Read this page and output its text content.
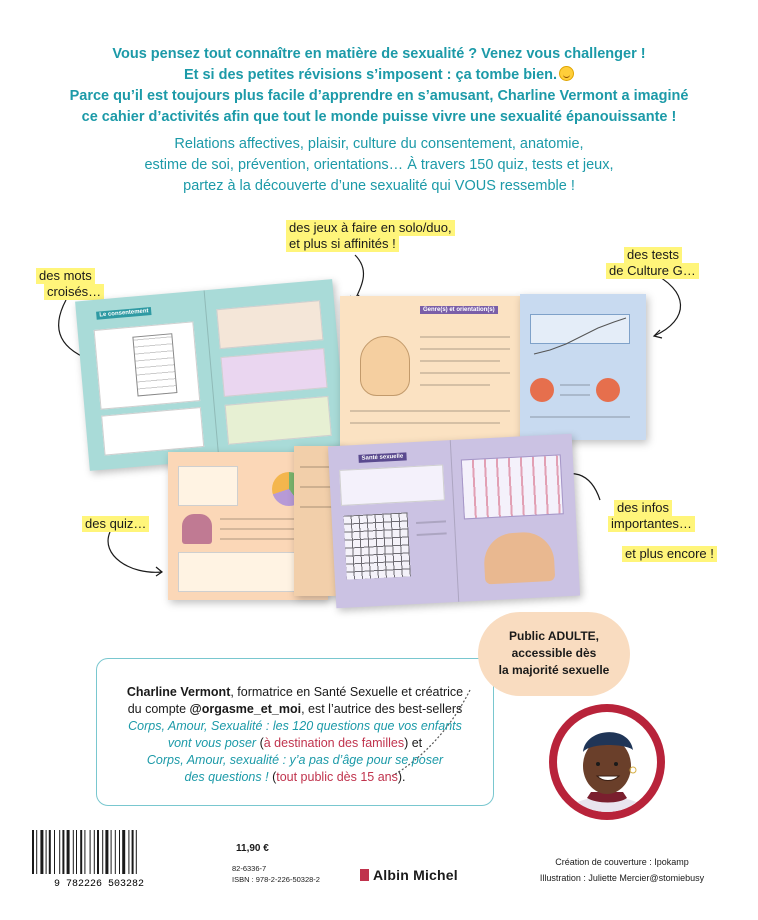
Vous pensez tout connaître en matière de sexualité ? Venez vous challenger !
Et si des petites révisions s’imposent : ça tombe bien.
Parce qu’il est toujours plus facile d’apprendre en s’amusant, Charline Vermont a imaginé
ce cahier d’activités afin que tout le monde puisse vivre une sexualité épanouissante !
Relations affectives, plaisir, culture du consentement, anatomie,
estime de soi, prévention, orientations… À travers 150 quiz, tests et jeux,
partez à la découverte d’une sexualité qui VOUS ressemble !
des jeux à faire en solo/duo,
et plus si affinités !
des tests
de Culture G…
des mots
croisés…
des quiz…
des infos
importantes…
et plus encore !
Le consentement	Genre(s) et orientation(s)
Santé sexuelle
Charline Vermont, formatrice en Santé Sexuelle et créatrice
du compte @orgasme_et_moi, est l’autrice des best-sellers
Corps, Amour, Sexualité : les 120 questions que vos enfants
vont vous poser (à destination des familles) et
Corps, Amour, sexualité : y’a pas d’âge pour se poser
des questions ! (tout public dès 15 ans).
Public ADULTE,
accessible dès
la majorité sexuelle
9 782226 503282
11,90 €
82-6336-7
ISBN : 978-2-226-50328-2	Albin Michel
Création de couverture : Ipokamp
Illustration : Juliette Mercier@stomiebusy
